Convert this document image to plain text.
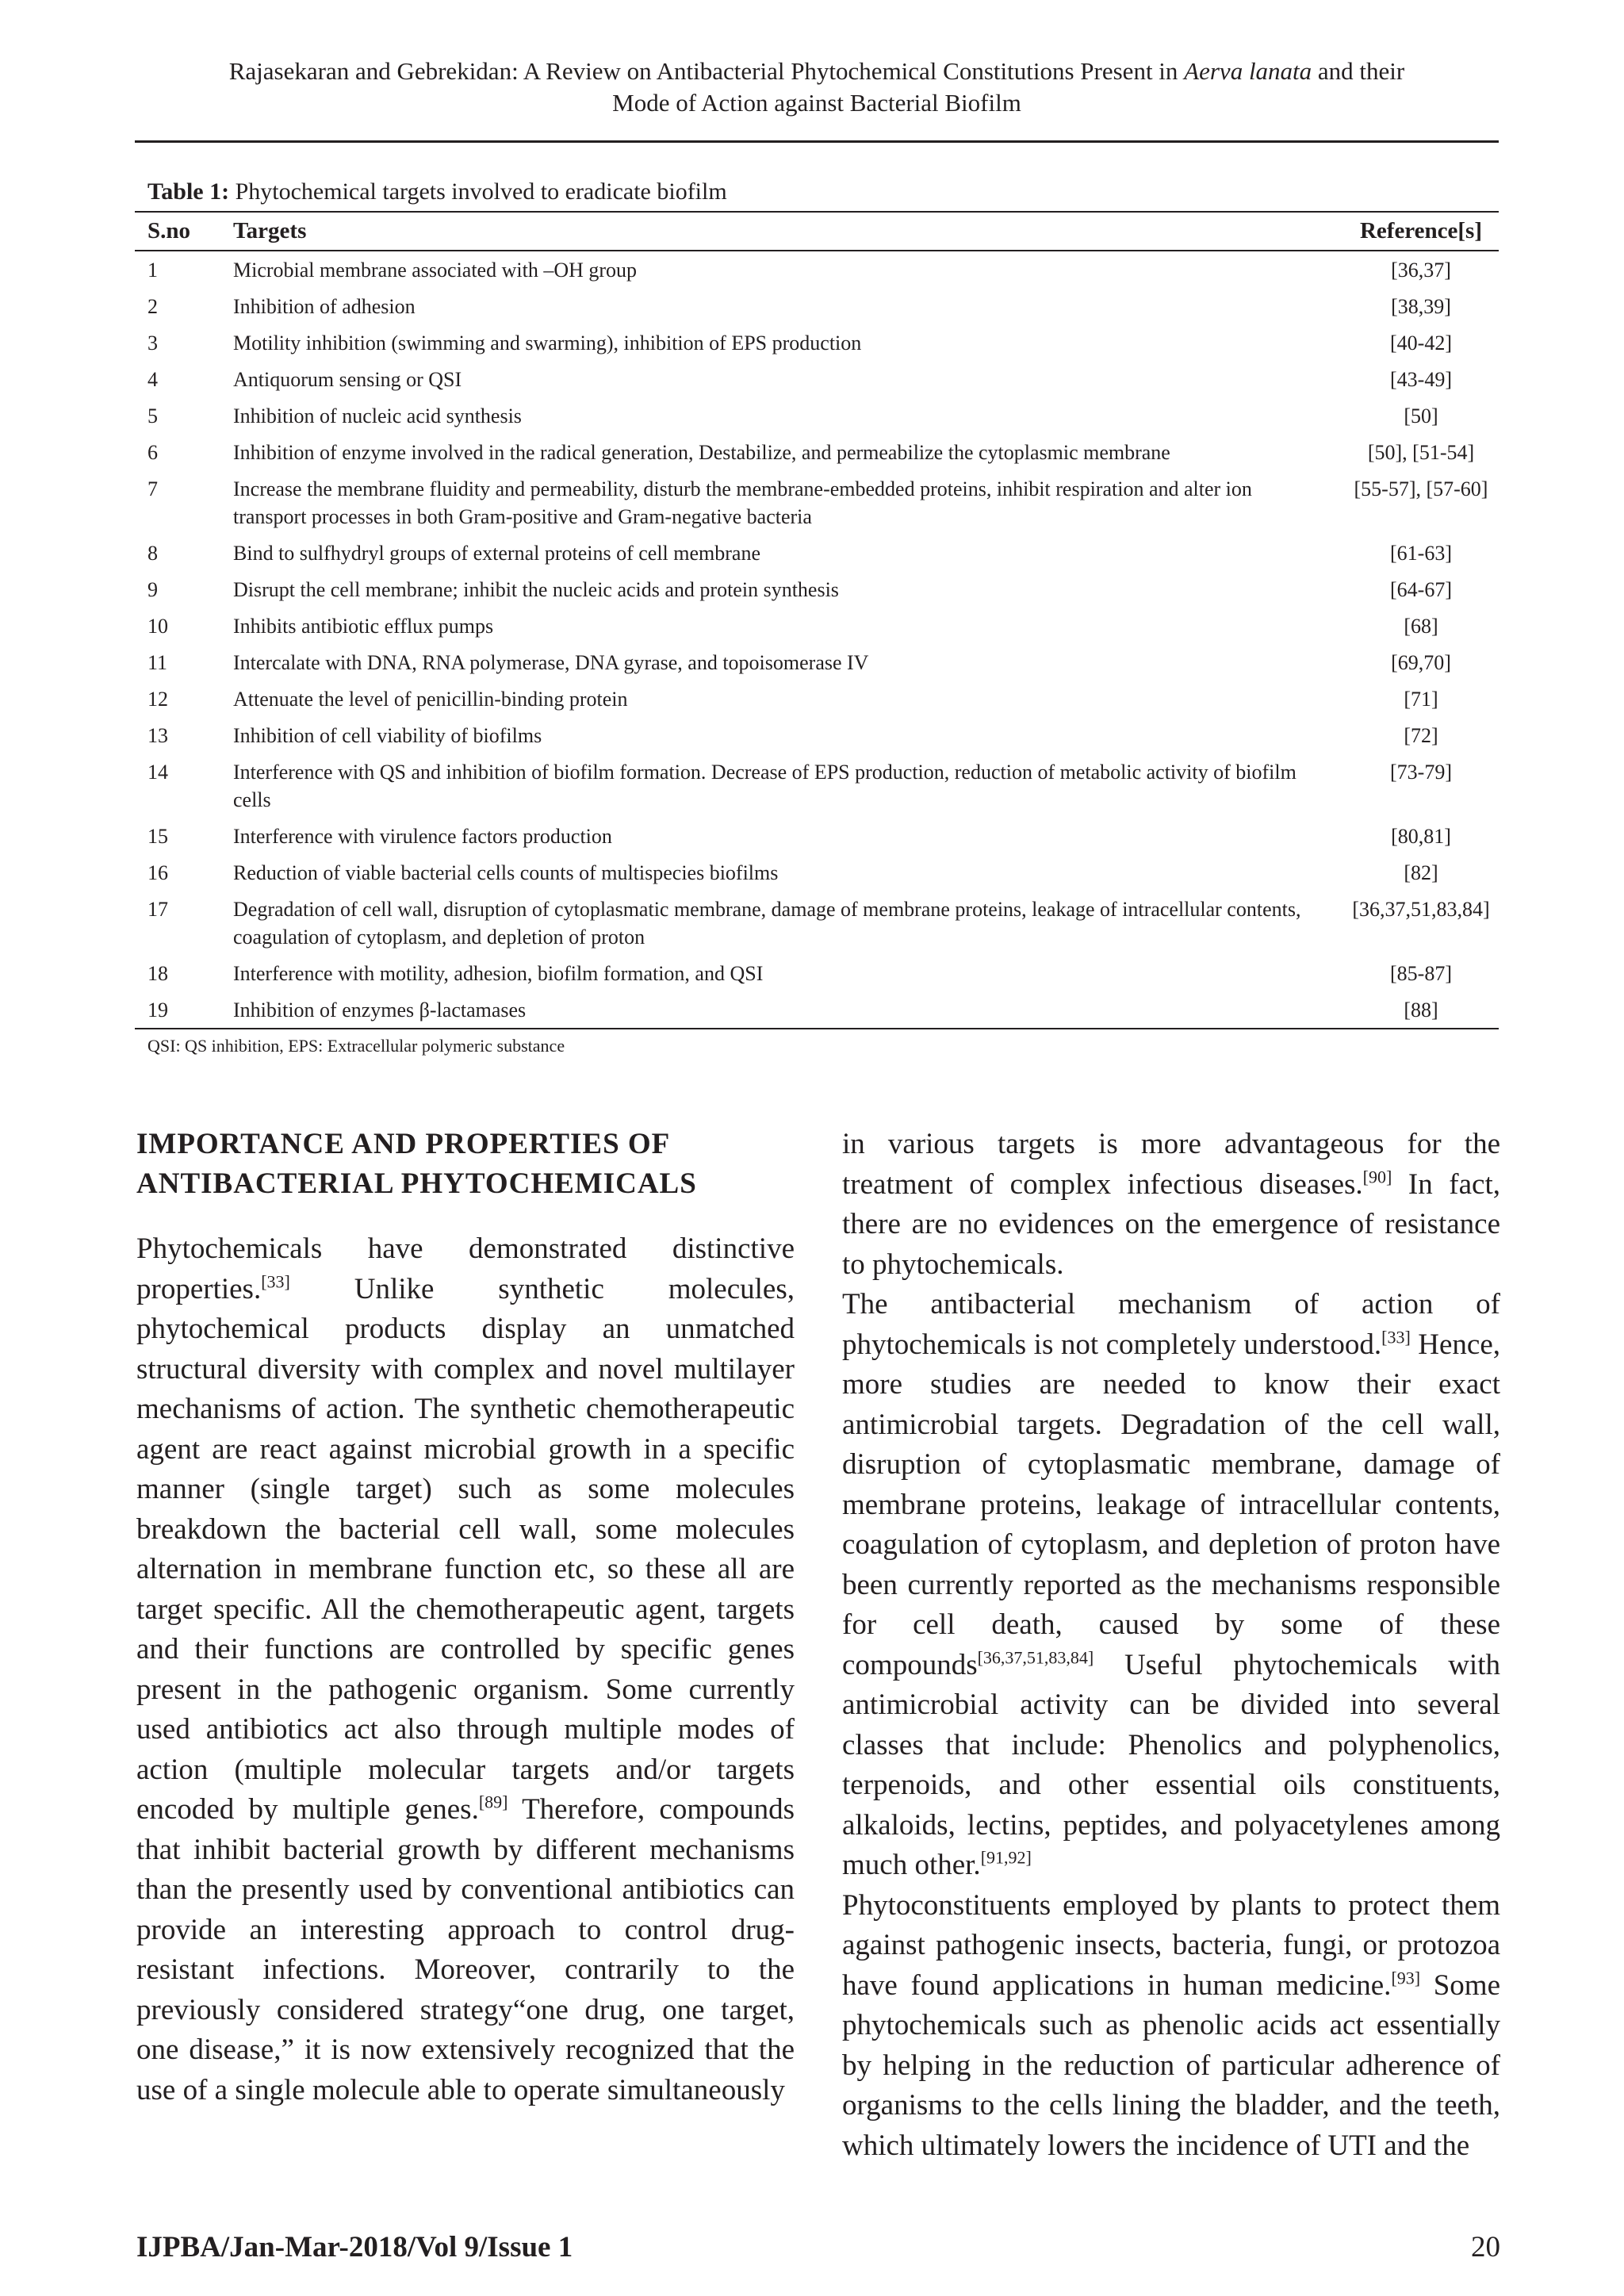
Rajasekaran and Gebrekidan: A Review on Antibacterial Phytochemical Constitutions Present in Aerva lanata and their
Mode of Action against Bacterial Biofilm
Table 1: Phytochemical targets involved to eradicate biofilm
S.no	Targets	Reference[s]
1	Microbial membrane associated with –OH group	[36,37]
2	Inhibition of adhesion	[38,39]
3	Motility inhibition (swimming and swarming), inhibition of EPS production	[40-42]
4	Antiquorum sensing or QSI	[43-49]
5	Inhibition of nucleic acid synthesis	[50]
6	Inhibition of enzyme involved in the radical generation, Destabilize, and permeabilize the cytoplasmic membrane	[50], [51-54]
7	Increase the membrane fluidity and permeability, disturb the membrane-embedded proteins, inhibit respiration and alter ion transport processes in both Gram-positive and Gram-negative bacteria	[55-57], [57-60]
8	Bind to sulfhydryl groups of external proteins of cell membrane	[61-63]
9	Disrupt the cell membrane; inhibit the nucleic acids and protein synthesis	[64-67]
10	Inhibits antibiotic efflux pumps	[68]
11	Intercalate with DNA, RNA polymerase, DNA gyrase, and topoisomerase IV	[69,70]
12	Attenuate the level of penicillin-binding protein	[71]
13	Inhibition of cell viability of biofilms	[72]
14	Interference with QS and inhibition of biofilm formation. Decrease of EPS production, reduction of metabolic activity of biofilm cells	[73-79]
15	Interference with virulence factors production	[80,81]
16	Reduction of viable bacterial cells counts of multispecies biofilms	[82]
17	Degradation of cell wall, disruption of cytoplasmatic membrane, damage of membrane proteins, leakage of intracellular contents, coagulation of cytoplasm, and depletion of proton	[36,37,51,83,84]
18	Interference with motility, adhesion, biofilm formation, and QSI	[85-87]
19	Inhibition of enzymes β-lactamases	[88]
QSI: QS inhibition, EPS: Extracellular polymeric substance
IMPORTANCE AND PROPERTIES OF
ANTIBACTERIAL PHYTOCHEMICALS

Phytochemicals have demonstrated distinctive properties.[33] Unlike synthetic molecules, phytochemical products display an unmatched structural diversity with complex and novel multilayer mechanisms of action. The synthetic chemotherapeutic agent are react against microbial growth in a specific manner (single target) such as some molecules breakdown the bacterial cell wall, some molecules alternation in membrane function etc, so these all are target specific. All the chemotherapeutic agent, targets and their functions are controlled by specific genes present in the pathogenic organism. Some currently used antibiotics act also through multiple modes of action (multiple molecular targets and/or targets encoded by multiple genes.[89] Therefore, compounds that inhibit bacterial growth by different mechanisms than the presently used by conventional antibiotics can provide an interesting approach to control drug-resistant infections. Moreover, contrarily to the previously considered strategy“one drug, one target, one disease,” it is now extensively recognized that the use of a single molecule able to operate simultaneously

in various targets is more advantageous for the treatment of complex infectious diseases.[90] In fact, there are no evidences on the emergence of resistance to phytochemicals.

The antibacterial mechanism of action of phytochemicals is not completely understood.[33] Hence, more studies are needed to know their exact antimicrobial targets. Degradation of the cell wall, disruption of cytoplasmatic membrane, damage of membrane proteins, leakage of intracellular contents, coagulation of cytoplasm, and depletion of proton have been currently reported as the mechanisms responsible for cell death, caused by some of these compounds[36,37,51,83,84] Useful phytochemicals with antimicrobial activity can be divided into several classes that include: Phenolics and polyphenolics, terpenoids, and other essential oils constituents, alkaloids, lectins, peptides, and polyacetylenes among much other.[91,92]

Phytoconstituents employed by plants to protect them against pathogenic insects, bacteria, fungi, or protozoa have found applications in human medicine.[93] Some phytochemicals such as phenolic acids act essentially by helping in the reduction of particular adherence of organisms to the cells lining the bladder, and the teeth, which ultimately lowers the incidence of UTI and the

IJPBA/Jan-Mar-2018/Vol 9/Issue 1	20
